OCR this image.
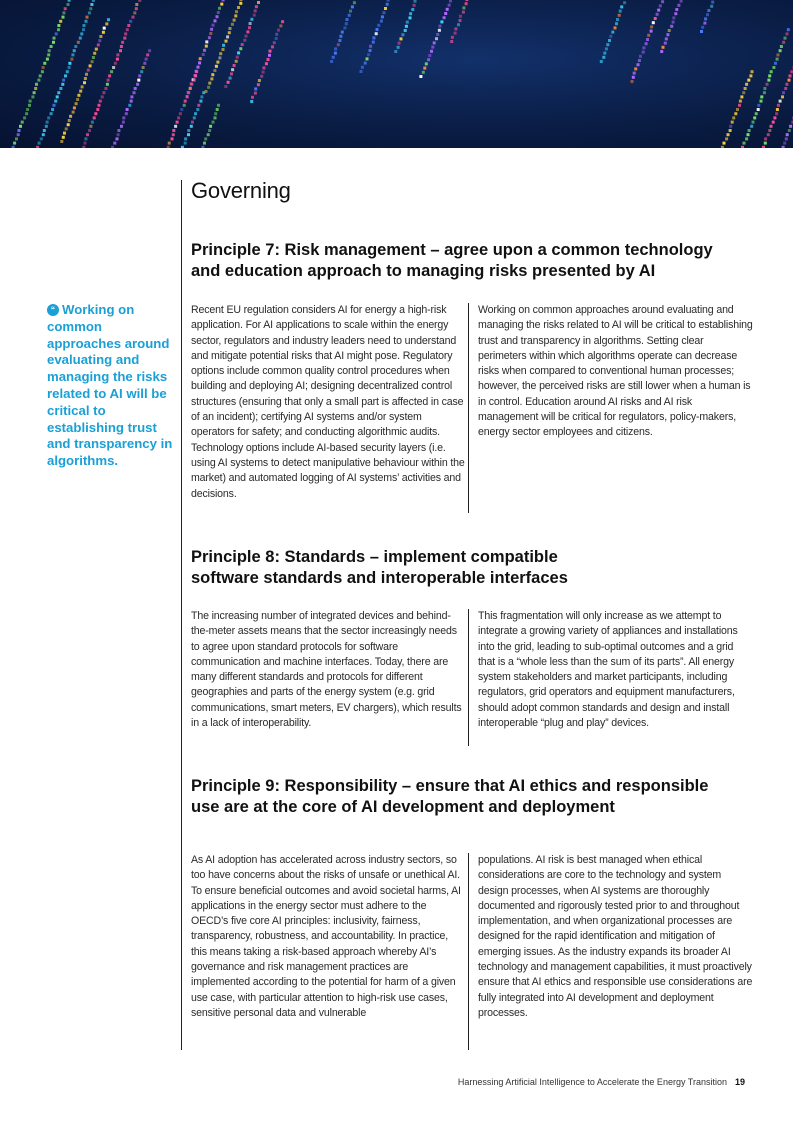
Governing
“ Working on common approaches around evaluating and managing the risks related to AI will be critical to establishing trust and transparency in algorithms.
Principle 7: Risk management – agree upon a common technology
and education approach to managing risks presented by AI

Recent EU regulation considers AI for energy a high-risk application. For AI applications to scale within the energy sector, regulators and industry leaders need to understand and mitigate potential risks that AI might pose. Regulatory options include common quality control procedures when building and deploying AI; designing decentralized control structures (ensuring that only a small part is affected in case of an incident); certifying AI systems and/or system operators for safety; and conducting algorithmic audits. Technology options include AI-based security layers (i.e. using AI systems to detect manipulative behaviour within the market) and automated logging of AI systems’ activities and decisions.

Working on common approaches around evaluating and managing the risks related to AI will be critical to establishing trust and transparency in algorithms. Setting clear perimeters within which algorithms operate can decrease risks when compared to conventional human processes; however, the perceived risks are still lower when a human is in control. Education around AI risks and AI risk management will be critical for regulators, policy-makers, energy sector employees and citizens.

Principle 8: Standards – implement compatible
software standards and interoperable interfaces

The increasing number of integrated devices and behind-the-meter assets means that the sector increasingly needs to agree upon standard protocols for software communication and machine interfaces. Today, there are many different standards and protocols for different geographies and parts of the energy system (e.g. grid communications, smart meters, EV chargers), which results in a lack of interoperability.

This fragmentation will only increase as we attempt to integrate a growing variety of appliances and installations into the grid, leading to sub-optimal outcomes and a grid that is a “whole less than the sum of its parts”. All energy system stakeholders and market participants, including regulators, grid operators and equipment manufacturers, should adopt common standards and design and install interoperable “plug and play” devices.

Principle 9: Responsibility – ensure that AI ethics and responsible
use are at the core of AI development and deployment

As AI adoption has accelerated across industry sectors, so too have concerns about the risks of unsafe or unethical AI. To ensure beneficial outcomes and avoid societal harms, AI applications in the energy sector must adhere to the OECD’s five core AI principles: inclusivity, fairness, transparency, robustness, and accountability. In practice, this means taking a risk-based approach whereby AI’s governance and risk management practices are implemented according to the potential for harm of a given use case, with particular attention to high-risk use cases, sensitive personal data and vulnerable

populations. AI risk is best managed when ethical considerations are core to the technology and system design processes, when AI systems are thoroughly documented and rigorously tested prior to and throughout implementation, and when organizational processes are designed for the rapid identification and mitigation of emerging issues. As the industry expands its broader AI technology and management capabilities, it must proactively ensure that AI ethics and responsible use considerations are fully integrated into AI development and deployment processes.

Harnessing Artificial Intelligence to Accelerate the Energy Transition 19
